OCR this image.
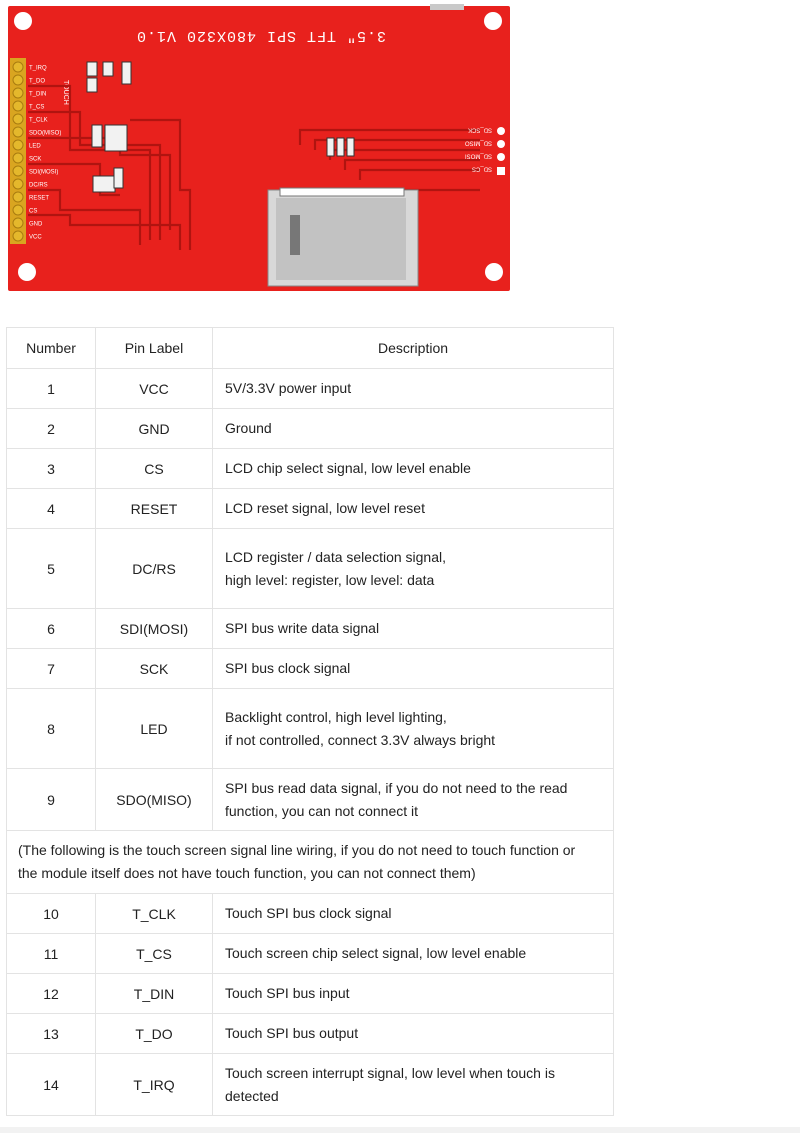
3.5" TFT SPI 480X320 V1.0
T_IRQ
T_DO
T_DIN
T_CS
T_CLK
SDO(MISO)
LED
SCK
SDI(MOSI)
DC/RS
RESET
CS
GND
VCC
TOUCH
SD_SCK
SD_MISO
SD_MOSI
SD_CS
Number	Pin Label	Description
1	VCC	5V/3.3V power input
2	GND	Ground
3	CS	LCD chip select signal, low level enable
4	RESET	LCD reset signal, low level reset
5	DC/RS	LCD register / data selection signal,
high level: register, low level: data
6	SDI(MOSI)	SPI bus write data signal
7	SCK	SPI bus clock signal
8	LED	Backlight control, high level lighting,
if not controlled, connect 3.3V always bright
9	SDO(MISO)	SPI bus read data signal, if you do not need to the read
function, you can not connect it
(The following is the touch screen signal line wiring, if you do not need to touch function or
the module itself does not have touch function, you can not connect them)		
10	T_CLK	Touch SPI bus clock signal
11	T_CS	Touch screen chip select signal, low level enable
12	T_DIN	Touch SPI bus input
13	T_DO	Touch SPI bus output
14	T_IRQ	Touch screen interrupt signal, low level when touch is
detected
